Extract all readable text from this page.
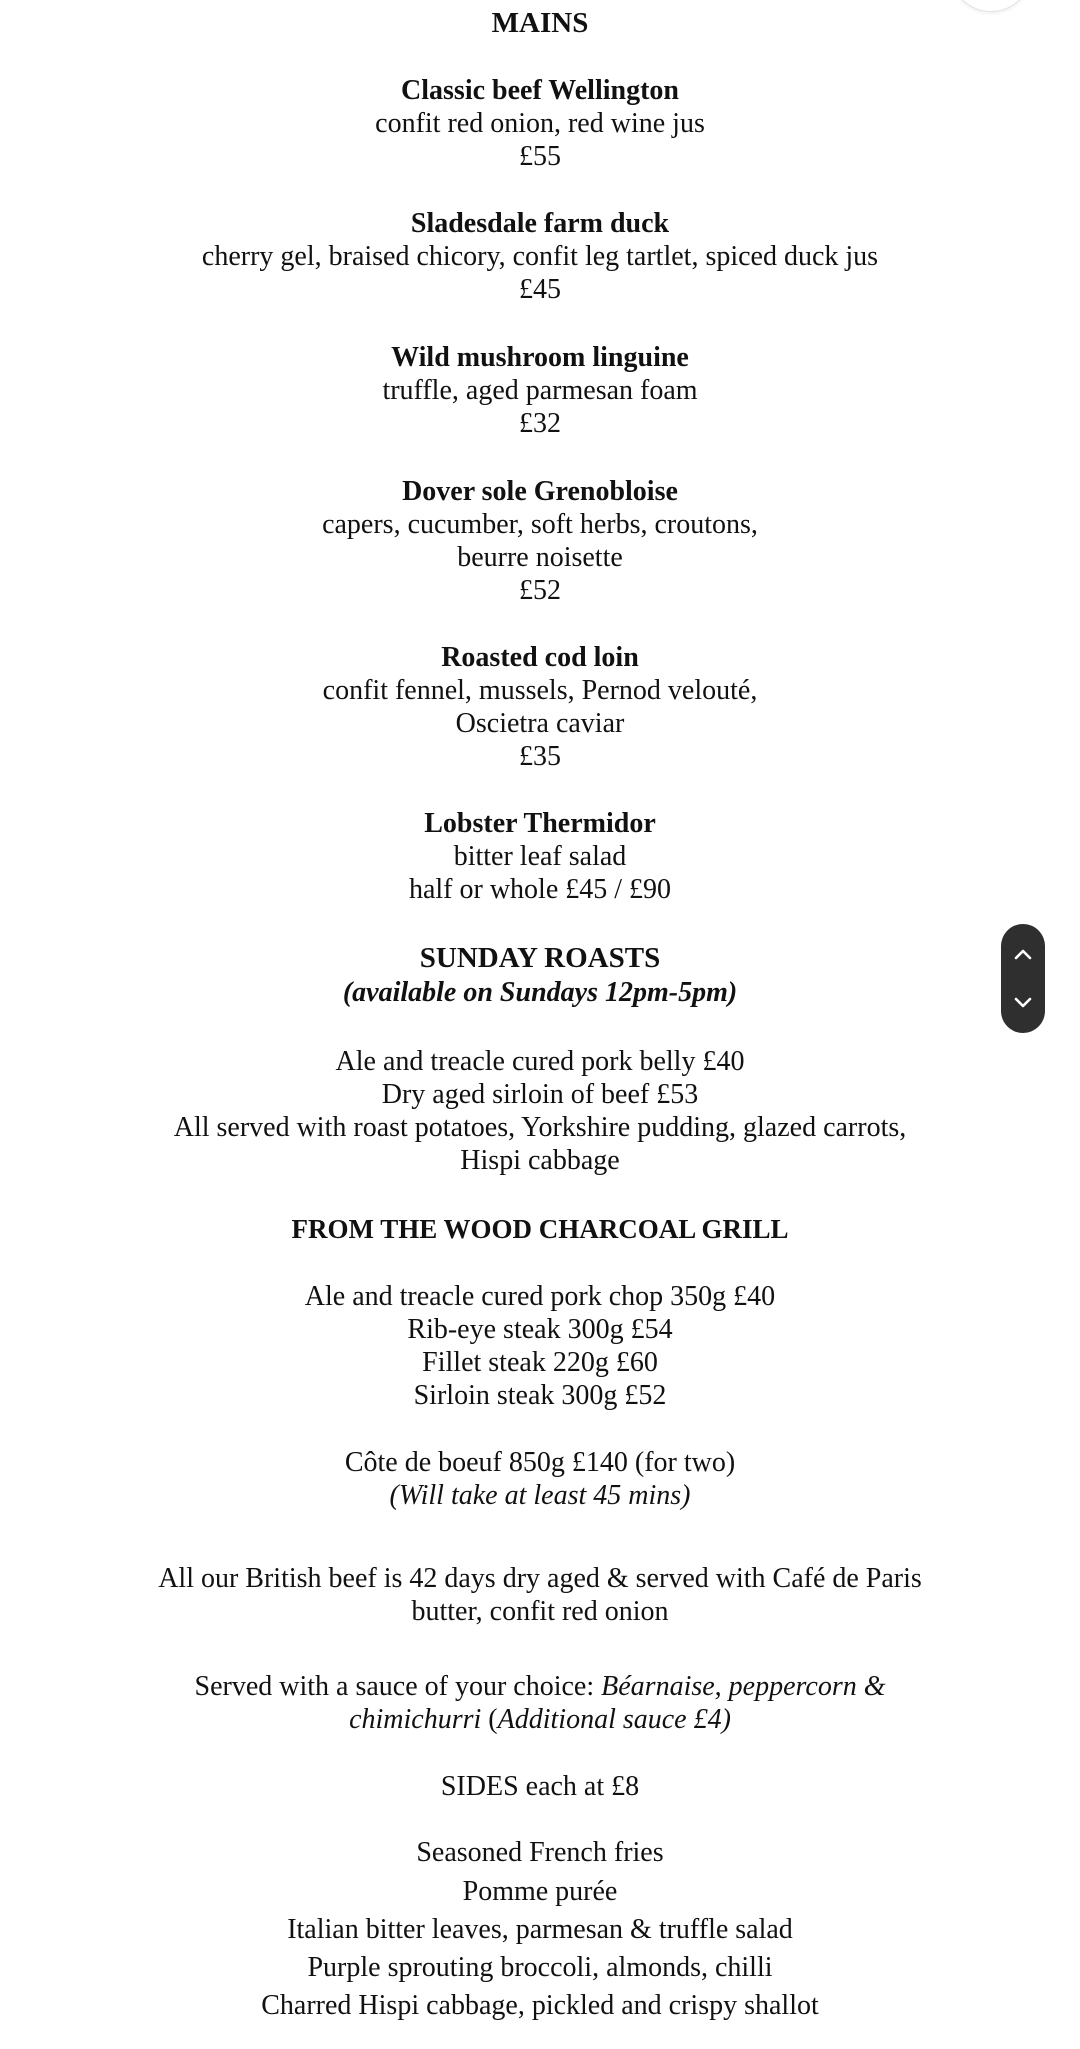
MAINS
Classic beef Wellington
confit red onion, red wine jus
£55
Sladesdale farm duck
cherry gel, braised chicory, confit leg tartlet, spiced duck jus
£45
Wild mushroom linguine
truffle, aged parmesan foam
£32
Dover sole Grenobloise
capers, cucumber, soft herbs, croutons,
beurre noisette
£52
Roasted cod loin
confit fennel, mussels, Pernod velouté,
Oscietra caviar
£35
Lobster Thermidor
bitter leaf salad
half or whole £45 / £90
SUNDAY ROASTS
(available on Sundays 12pm-5pm)
Ale and treacle cured pork belly £40
Dry aged sirloin of beef £53
All served with roast potatoes, Yorkshire pudding, glazed carrots,
Hispi cabbage
FROM THE WOOD CHARCOAL GRILL
Ale and treacle cured pork chop 350g £40
Rib-eye steak 300g £54
Fillet steak 220g £60
Sirloin steak 300g £52
Côte de boeuf 850g £140 (for two)
(Will take at least 45 mins)
All our British beef is 42 days dry aged & served with Café de Paris
butter, confit red onion
Served with a sauce of your choice: Béarnaise, peppercorn &
chimichurri (Additional sauce £4)
SIDES each at £8
Seasoned French fries
Pomme purée
Italian bitter leaves, parmesan & truffle salad
Purple sprouting broccoli, almonds, chilli
Charred Hispi cabbage, pickled and crispy shallot
